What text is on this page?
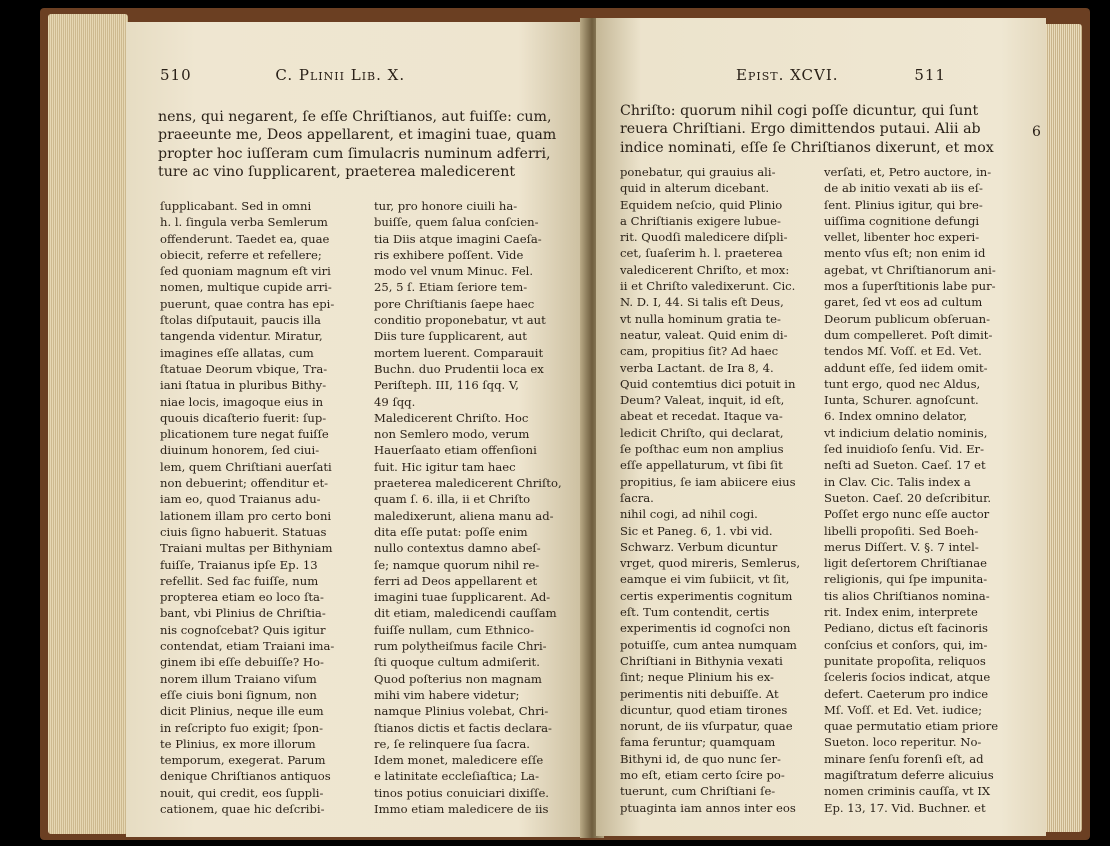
510	C. Plinii Lib. X.
nens, qui negarent, ſe eſſe Chriſtianos, aut fuiſſe: cum,
praeeunte me, Deos appellarent, et imagini tuae, quam
propter hoc iuſſeram cum ſimulacris numinum adferri,
ture ac vino ſupplicarent, praeterea maledicerent
ſupplicabant. Sed in omni
h. l. ſingula verba Semlerum
offenderunt. Taedet ea, quae
obiecit, referre et refellere;
ſed quoniam magnum eſt viri
nomen, multique cupide arri-
puerunt, quae contra has epi-
ſtolas diſputauit, paucis illa
tangenda videntur. Miratur,
imagines eſſe allatas, cum
ſtatuae Deorum vbique, Tra-
iani ſtatua in pluribus Bithy-
niae locis, imagoque eius in
quouis dicaſterio fuerit: ſup-
plicationem ture negat fuiſſe
diuinum honorem, ſed ciui-
lem, quem Chriſtiani auerſati
non debuerint; offenditur et-
iam eo, quod Traianus adu-
lationem illam pro certo boni
ciuis ſigno habuerit. Statuas
Traiani multas per Bithyniam
fuiſſe, Traianus ipſe Ep. 13
refellit. Sed fac fuiſſe, num
propterea etiam eo loco ſta-
bant, vbi Plinius de Chriſtia-
nis cognoſcebat? Quis igitur
contendat, etiam Traiani ima-
ginem ibi eſſe debuiſſe? Ho-
norem illum Traiano viſum
eſſe ciuis boni ſignum, non
dicit Plinius, neque ille eum
in reſcripto fuo exigit; ſpon-
te Plinius, ex more illorum
temporum, exegerat. Parum
denique Chriſtianos antiquos
nouit, qui credit, eos ſuppli-
cationem, quae hic deſcribi-
tur, pro honore ciuili ha-
buiſſe, quem ſalua conſcien-
tia Diis atque imagini Caeſa-
ris exhibere poſſent. Vide
modo vel vnum Minuc. Fel.
25, 5 ſ. Etiam ſeriore tem-
pore Chriſtianis ſaepe haec
conditio proponebatur, vt aut
Diis ture ſupplicarent, aut
mortem luerent. Comparauit
Buchn. duo Prudentii loca ex
Periſteph. III, 116 ſqq. V,
49 ſqq.
Maledicerent Chriſto. Hoc
non Semlero modo, verum
Hauerſaato etiam offenſioni
fuit. Hic igitur tam haec
praeterea maledicerent Chriſto,
quam ſ. 6. illa, ii et Chriſto
maledixerunt, aliena manu ad-
dita eſſe putat: poſſe enim
nullo contextus damno abeſ-
ſe; namque quorum nihil re-
ferri ad Deos appellarent et
imagini tuae ſupplicarent. Ad-
dit etiam, maledicendi cauſſam
fuiſſe nullam, cum Ethnico-
rum polytheiſmus facile Chri-
ſti quoque cultum admiſerit.
Quod poſterius non magnam
mihi vim habere videtur;
namque Plinius volebat, Chri-
ſtianos dictis et factis declara-
re, ſe relinquere ſua ſacra.
Idem monet, maledicere eſſe
e latinitate eccleſiaſtica; La-
tinos potius conuiciari dixiſſe.
Immo etiam maledicere de iis
Epist. XCVI.	511
Chriſto: quorum nihil cogi poſſe dicuntur, qui ſunt
reuera Chriſtiani. Ergo dimittendos putaui. Alii ab
indice nominati, eſſe ſe Chriſtianos dixerunt, et mox
6
ponebatur, qui grauius ali-
quid in alterum dicebant.
Equidem neſcio, quid Plinio
a Chriſtianis exigere lubue-
rit. Quodſi maledicere diſpli-
cet, ſuaſerim h. l. praeterea
valedicerent Chriſto, et mox:
ii et Chriſto valedixerunt. Cic.
N. D. I, 44. Si talis eſt Deus,
vt nulla hominum gratia te-
neatur, valeat. Quid enim di-
cam, propitius ſit? Ad haec
verba Lactant. de Ira 8, 4.
Quid contemtius dici potuit in
Deum? Valeat, inquit, id eſt,
abeat et recedat. Itaque va-
ledicit Chriſto, qui declarat,
ſe poſthac eum non amplius
eſſe appellaturum, vt ſibi ſit
propitius, ſe iam abiicere eius
ſacra.
nihil cogi, ad nihil cogi.
Sic et Paneg. 6, 1. vbi vid.
Schwarz. Verbum dicuntur
vrget, quod mireris, Semlerus,
eamque ei vim ſubiicit, vt ſit,
certis experimentis cognitum
eſt. Tum contendit, certis
experimentis id cognoſci non
potuiſſe, cum antea numquam
Chriſtiani in Bithynia vexati
ſint; neque Plinium his ex-
perimentis niti debuiſſe. At
dicuntur, quod etiam tirones
norunt, de iis vſurpatur, quae
fama feruntur; quamquam
Bithyni id, de quo nunc ſer-
mo eſt, etiam certo ſcire po-
tuerunt, cum Chriſtiani ſe-
ptuaginta iam annos inter eos
verſati, et, Petro auctore, in-
de ab initio vexati ab iis eſ-
ſent. Plinius igitur, qui bre-
uiſſima cognitione defungi
vellet, libenter hoc experi-
mento vſus eſt; non enim id
agebat, vt Chriſtianorum ani-
mos a ſuperſtitionis labe pur-
garet, ſed vt eos ad cultum
Deorum publicum obſeruan-
dum compelleret. Poſt dimit-
tendos Mſ. Voſſ. et Ed. Vet.
addunt eſſe, ſed iidem omit-
tunt ergo, quod nec Aldus,
Iunta, Schurer. agnoſcunt.
6. Index omnino delator,
vt indicium delatio nominis,
ſed inuidioſo ſenſu. Vid. Er-
neſti ad Sueton. Caeſ. 17 et
in Clav. Cic. Talis index a
Sueton. Caeſ. 20 deſcribitur.
Poſſet ergo nunc eſſe auctor
libelli propoſiti. Sed Boeh-
merus Diſſert. V. §. 7 intel-
ligit deſertorem Chriſtianae
religionis, qui ſpe impunita-
tis alios Chriſtianos nomina-
rit. Index enim, interprete
Pediano, dictus eſt facinoris
conſcius et conſors, qui, im-
punitate propoſita, reliquos
ſceleris ſocios indicat, atque
defert. Caeterum pro indice
Mſ. Voſſ. et Ed. Vet. iudice;
quae permutatio etiam priore
Sueton. loco reperitur. No-
minare ſenſu forenſi eſt, ad
magiſtratum deferre alicuius
nomen criminis cauſſa, vt IX
Ep. 13, 17. Vid. Buchner. et
